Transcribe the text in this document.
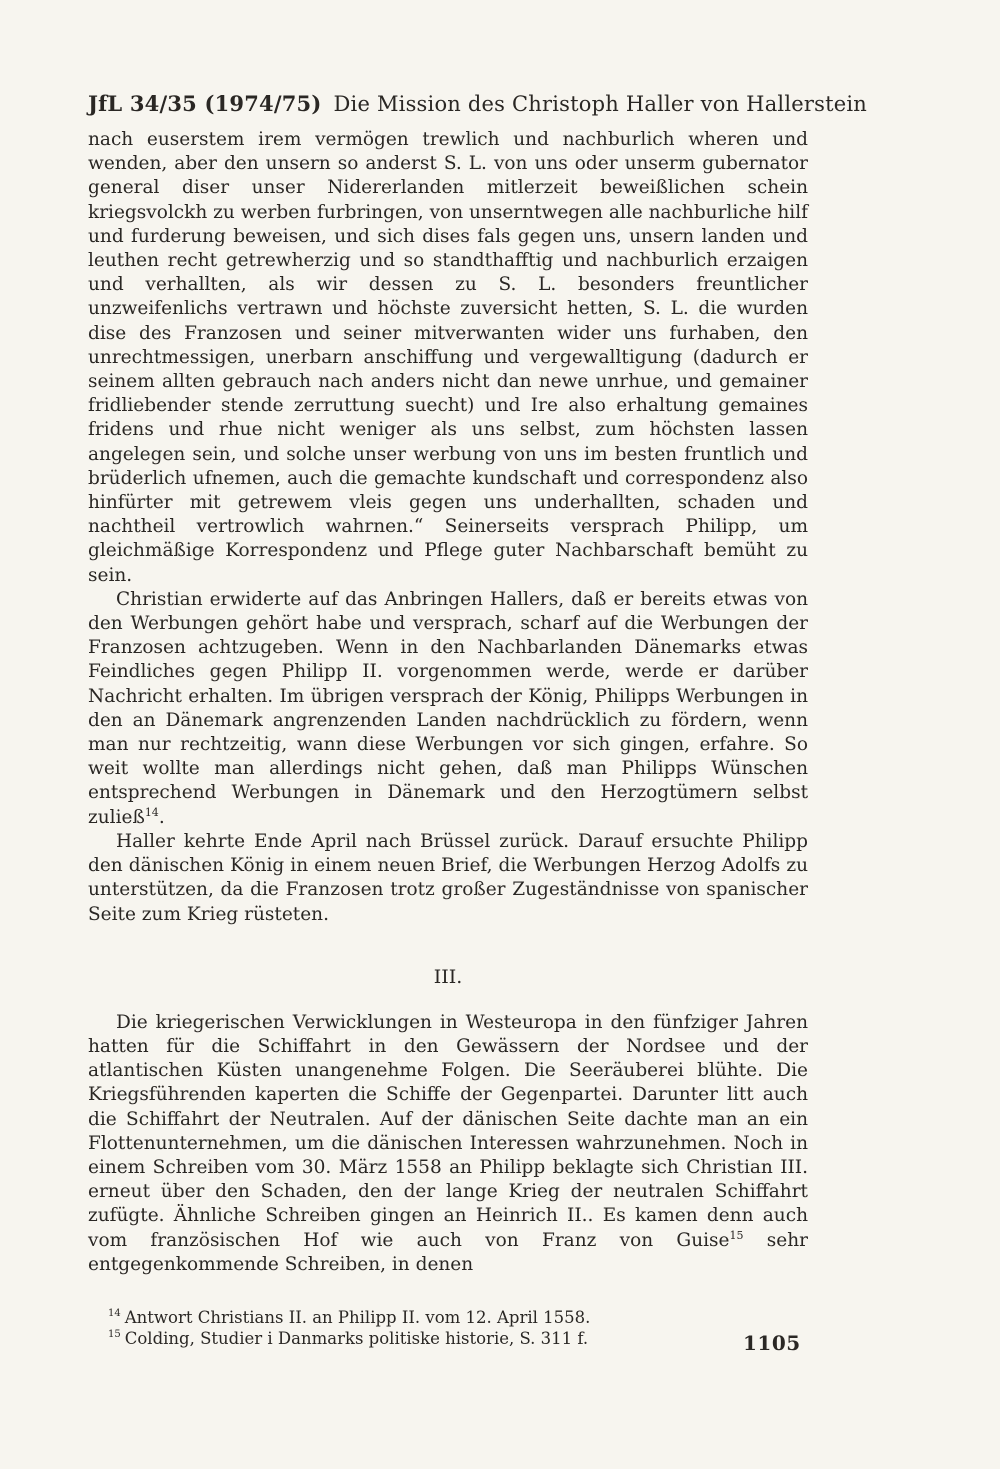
JfL 34/35 (1974/75) Die Mission des Christoph Haller von Hallerstein

nach euserstem irem vermögen trewlich und nachburlich wheren und wenden, aber den unsern so anderst S. L. von uns oder unserm gubernator general diser unser Nidererlanden mitlerzeit beweißlichen schein kriegsvolckh zu werben furbringen, von unserntwegen alle nachburliche hilf und furderung beweisen, und sich dises fals gegen uns, unsern landen und leuthen recht getrewherzig und so standthafftig und nachburlich erzaigen und verhallten, als wir dessen zu S. L. besonders freuntlicher unzweifenlichs vertrawn und höchste zuversicht hetten, S. L. die wurden dise des Franzosen und seiner mitverwanten wider uns furhaben, den unrechtmessigen, unerbarn anschiffung und vergewalltigung (dadurch er seinem allten gebrauch nach anders nicht dan newe unrhue, und gemainer fridliebender stende zerruttung suecht) und Ire also erhaltung gemaines fridens und rhue nicht weniger als uns selbst, zum höchsten lassen angelegen sein, und solche unser werbung von uns im besten fruntlich und brüderlich ufnemen, auch die gemachte kundschaft und correspondenz also hinfürter mit getrewem vleis gegen uns underhallten, schaden und nachtheil vertrowlich wahrnen.“ Seinerseits versprach Philipp, um gleichmäßige Korrespondenz und Pflege guter Nachbarschaft bemüht zu sein.

Christian erwiderte auf das Anbringen Hallers, daß er bereits etwas von den Werbungen gehört habe und versprach, scharf auf die Werbungen der Franzosen achtzugeben. Wenn in den Nachbarlanden Dänemarks etwas Feindliches gegen Philipp II. vorgenommen werde, werde er darüber Nachricht erhalten. Im übrigen versprach der König, Philipps Werbungen in den an Dänemark angrenzenden Landen nachdrücklich zu fördern, wenn man nur rechtzeitig, wann diese Werbungen vor sich gingen, erfahre. So weit wollte man allerdings nicht gehen, daß man Philipps Wünschen entsprechend Werbungen in Dänemark und den Herzogtümern selbst zuließ$^{14}$.

Haller kehrte Ende April nach Brüssel zurück. Darauf ersuchte Philipp den dänischen König in einem neuen Brief, die Werbungen Herzog Adolfs zu unterstützen, da die Franzosen trotz großer Zugeständnisse von spanischer Seite zum Krieg rüsteten.

III.

Die kriegerischen Verwicklungen in Westeuropa in den fünfziger Jahren hatten für die Schiffahrt in den Gewässern der Nordsee und der atlantischen Küsten unangenehme Folgen. Die Seeräuberei blühte. Die Kriegsführenden kaperten die Schiffe der Gegenpartei. Darunter litt auch die Schiffahrt der Neutralen. Auf der dänischen Seite dachte man an ein Flottenunternehmen, um die dänischen Interessen wahrzunehmen. Noch in einem Schreiben vom 30. März 1558 an Philipp beklagte sich Christian III. erneut über den Schaden, den der lange Krieg der neutralen Schiffahrt zufügte. Ähnliche Schreiben gingen an Heinrich II.. Es kamen denn auch vom französischen Hof wie auch von Franz von Guise$^{15}$ sehr entgegenkommende Schreiben, in denen

$^{14}$ Antwort Christians II. an Philipp II. vom 12. April 1558.
$^{15}$ Colding, Studier i Danmarks politiske historie, S. 311 f.	1105
